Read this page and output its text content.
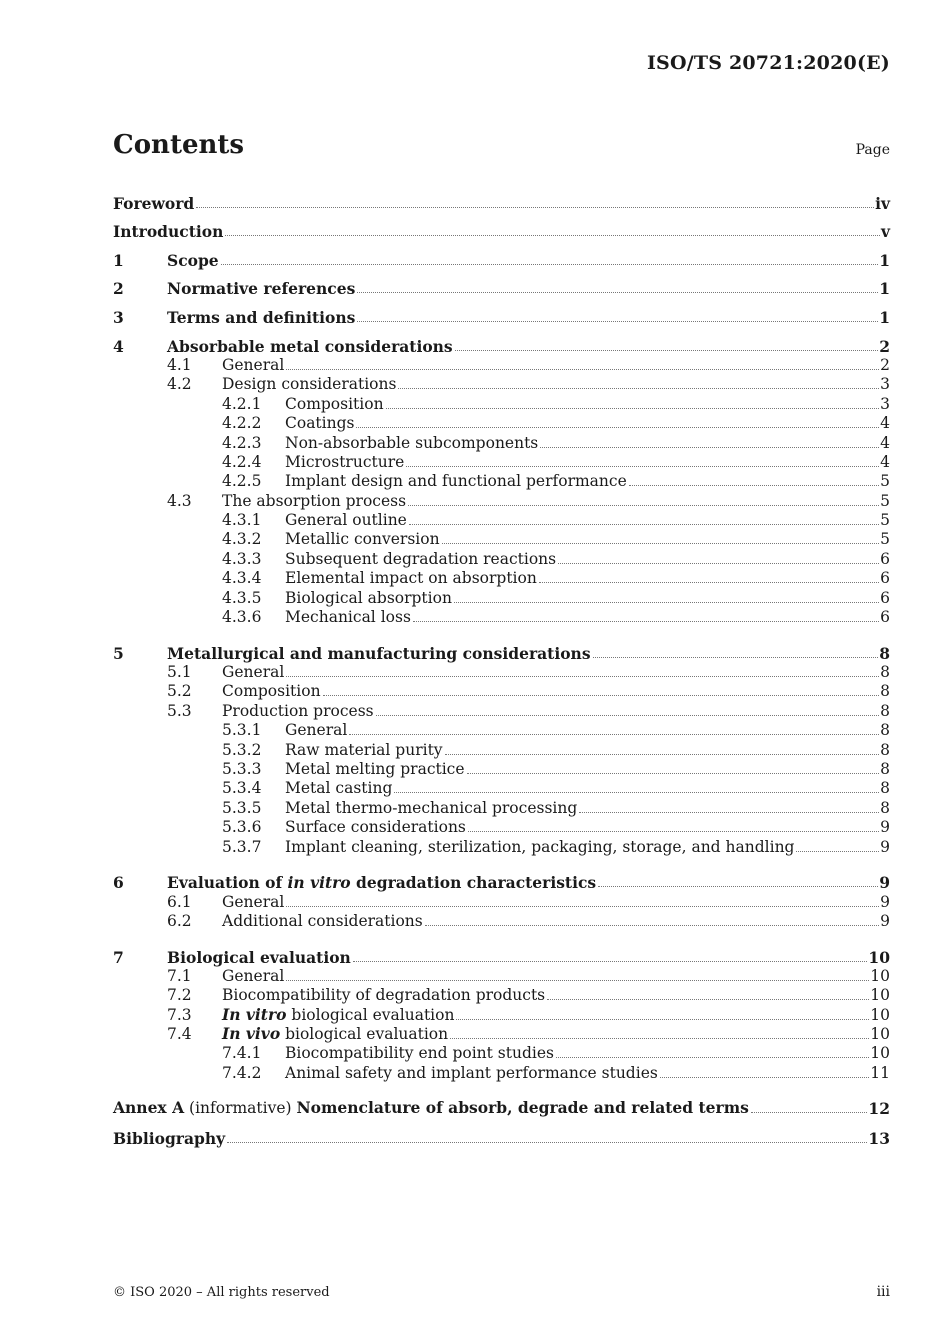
ISO/TS 20721:2020(E)
Contents	Page
Foreword	iv
Introduction	v
1	Scope	1
2	Normative references	1
3	Terms and definitions	1
4	Absorbable metal considerations	2
4.1	General	2
4.2	Design considerations	3
4.2.1	Composition	3
4.2.2	Coatings	4
4.2.3	Non-absorbable subcomponents	4
4.2.4	Microstructure	4
4.2.5	Implant design and functional performance	5
4.3	The absorption process	5
4.3.1	General outline	5
4.3.2	Metallic conversion	5
4.3.3	Subsequent degradation reactions	6
4.3.4	Elemental impact on absorption	6
4.3.5	Biological absorption	6
4.3.6	Mechanical loss	6
5	Metallurgical and manufacturing considerations	8
5.1	General	8
5.2	Composition	8
5.3	Production process	8
5.3.1	General	8
5.3.2	Raw material purity	8
5.3.3	Metal melting practice	8
5.3.4	Metal casting	8
5.3.5	Metal thermo-mechanical processing	8
5.3.6	Surface considerations	9
5.3.7	Implant cleaning, sterilization, packaging, storage, and handling	9
6	Evaluation of in vitro degradation characteristics	9
6.1	General	9
6.2	Additional considerations	9
7	Biological evaluation	10
7.1	General	10
7.2	Biocompatibility of degradation products	10
7.3	In vitro biological evaluation	10
7.4	In vivo biological evaluation	10
7.4.1	Biocompatibility end point studies	10
7.4.2	Animal safety and implant performance studies	11
Annex A (informative) Nomenclature of absorb, degrade and related terms	12
Bibliography	13
© ISO 2020 – All rights reserved	iii
